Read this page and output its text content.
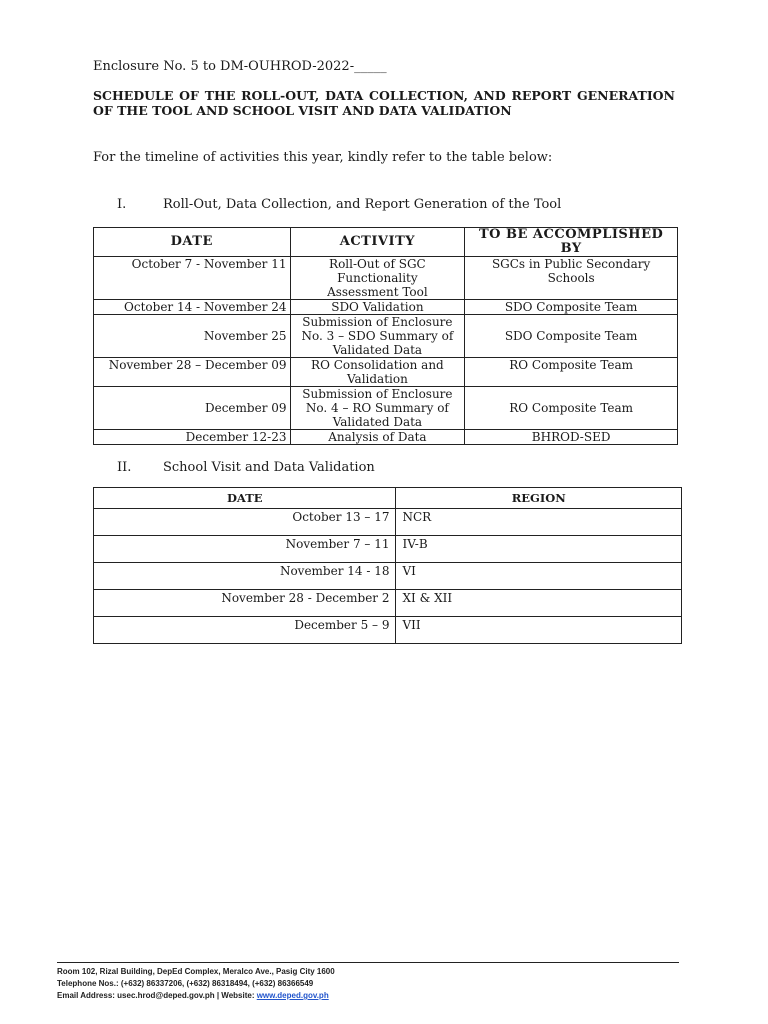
Enclosure No. 5 to DM-OUHROD-2022-_____
SCHEDULE OF THE ROLL-OUT, DATA COLLECTION, AND REPORT GENERATION OF THE TOOL AND SCHOOL VISIT AND DATA VALIDATION
For the timeline of activities this year, kindly refer to the table below:
I.	Roll-Out, Data Collection, and Report Generation of the Tool
DATE	ACTIVITY	TO BE ACCOMPLISHED BY
October 7 - November 11	Roll-Out of SGC Functionality Assessment Tool	SGCs in Public Secondary Schools
October 14 - November 24	SDO Validation	SDO Composite Team
November 25	Submission of Enclosure No. 3 – SDO Summary of Validated Data	SDO Composite Team
November 28 – December 09	RO Consolidation and Validation	RO Composite Team
December 09	Submission of Enclosure No. 4 – RO Summary of Validated Data	RO Composite Team
December 12-23	Analysis of Data	BHROD-SED
II. School Visit and Data Validation
DATE	REGION
October 13 – 17	NCR
November 7 – 11	IV-B
November 14 - 18	VI
November 28 - December 2	XI & XII
December 5 – 9	VII
Room 102, Rizal Building, DepEd Complex, Meralco Ave., Pasig City 1600
Telephone Nos.: (+632) 86337206, (+632) 86318494, (+632) 86366549
Email Address: usec.hrod@deped.gov.ph | Website: www.deped.gov.ph
